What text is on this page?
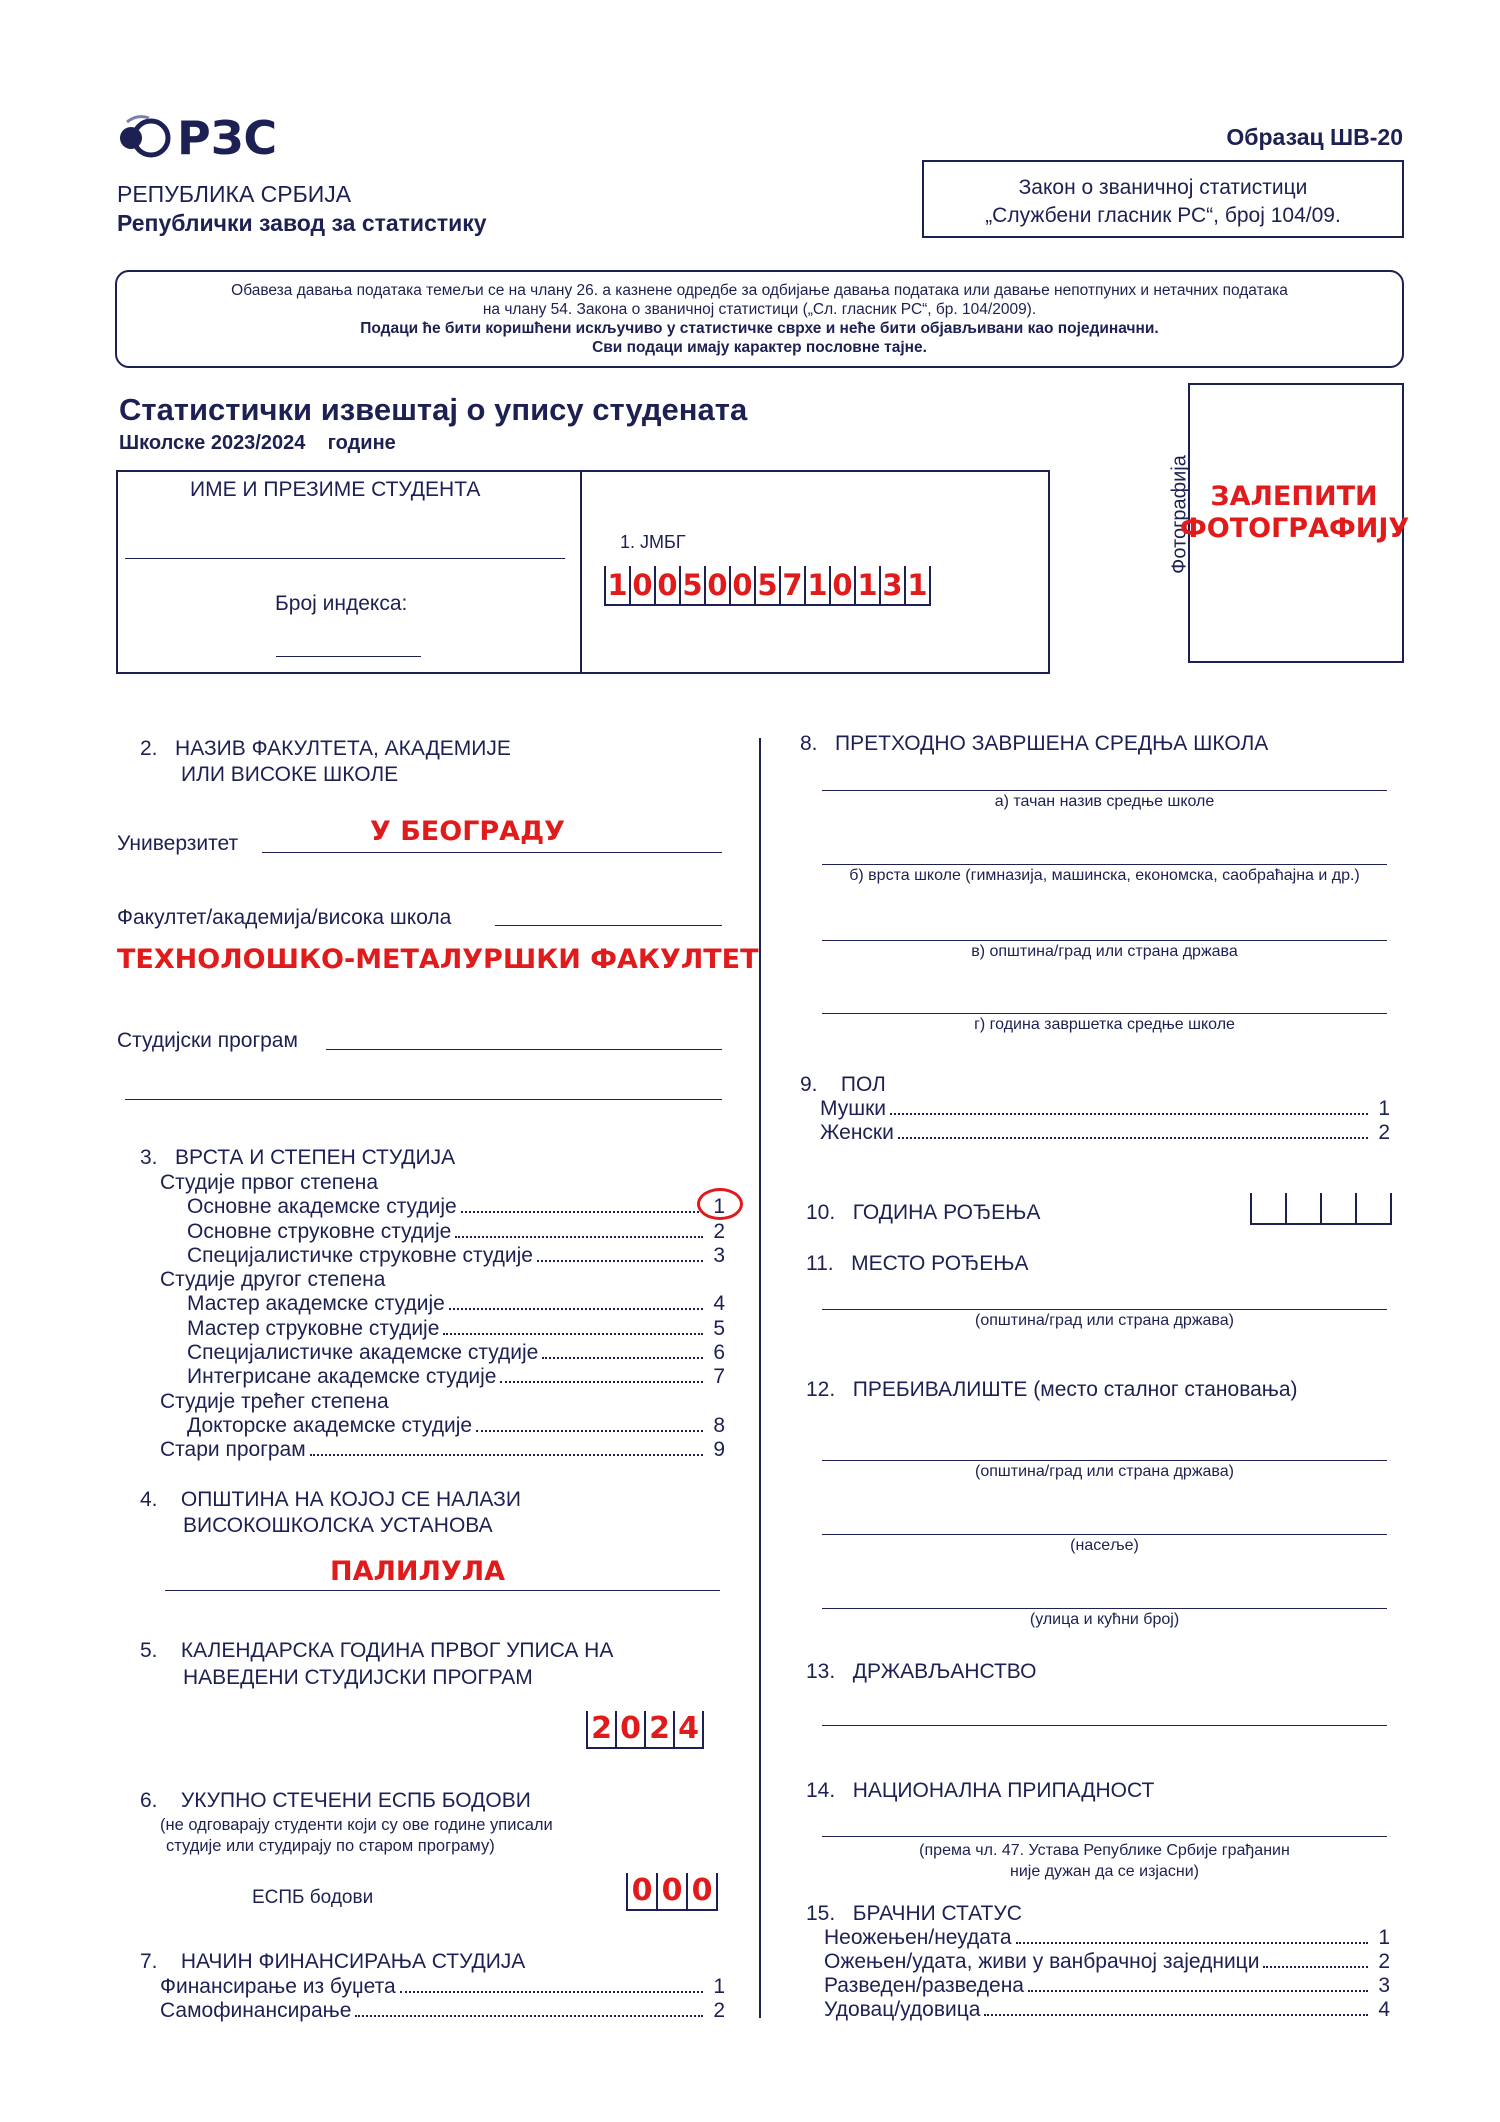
РЗС	Образац ШВ-20
РЕПУБЛИКА СРБИЈА
Републички завод за статистику
Закон о званичној статистици
„Службени гласник РС“, број 104/09.
Обавеза давања података темељи се на члану 26. а казнене одредбе за одбијање давања података или давање непотпуних и нетачних података
на члану 54. Закона о званичној статистици („Сл. гласник РС“, бр. 104/2009).
Подаци ће бити коришћени искључиво у статистичке сврхе и неће бити објављивани као појединачни.
Сви подаци имају карактер пословне тајне.
Статистички извештај о упису студената
Школске 2023/2024 године
ИМЕ И ПРЕЗИМЕ СТУДЕНТА
Број индекса:
1. ЈМБГ
1 0 0 5 0 0 5 7 1 0 1 3 1
Фотографија ЗАЛЕПИТИ
ФОТОГРАФИЈУ
2. НАЗИВ ФАКУЛТЕТА, АКАДЕМИЈЕ
ИЛИ ВИСОКЕ ШКОЛЕ
У БЕОГРАДУ
Универзитет
Факултет/академија/висока школа
ТЕХНОЛОШКО-МЕТАЛУРШКИ ФАКУЛТЕТ
Студијски програм
3. ВРСТА И СТЕПЕН СТУДИЈА
Студије првог степена
Основне академске студије	1
Основне струковне студије	2
Специјалистичке струковне студије	3
Студије другог степена
Мастер академске студије	4
Мастер струковне студије	5
Специјалистичке академске студије	6
Интегрисане академске студије	7
Студије трећег степена
Докторске академске студије	8
Стари програм	9
4. ОПШТИНА НА КОЈОЈ СЕ НАЛАЗИ
ВИСОКОШКОЛСКА УСТАНОВА
ПАЛИЛУЛА
5. КАЛЕНДАРСКА ГОДИНА ПРВОГ УПИСА НА
НАВЕДЕНИ СТУДИЈСКИ ПРОГРАМ
2 0 2 4
6. УКУПНО СТЕЧЕНИ ЕСПБ БОДОВИ
(не одговарају студенти који су ове године уписали
студије или студирају по старом програму)
ЕСПБ бодови	0 0 0
7. НАЧИН ФИНАНСИРАЊА СТУДИЈА
Финансирање из буџета	1
Самофинансирање	2
8. ПРЕТХОДНО ЗАВРШЕНА СРЕДЊА ШКОЛА
а) тачан назив средње школе
б) врста школе (гимназија, машинска, економска, саобраћајна и др.)
в) општина/град или страна држава
г) година завршетка средње школе
9. ПОЛ
Мушки	1
Женски	2
10. ГОДИНА РОЂЕЊА
11. МЕСТО РОЂЕЊА
(општина/град или страна држава)
12. ПРЕБИВАЛИШТЕ (место сталног становања)
(општина/град или страна држава)
(насеље)
(улица и кућни број)
13. ДРЖАВЉАНСТВО
14. НАЦИОНАЛНА ПРИПАДНОСТ
(према чл. 47. Устава Републике Србије грађанин
није дужан да се изјасни)
15. БРАЧНИ СТАТУС
Неожењен/неудата	1
Ожењен/удата, живи у ванбрачној заједници	2
Разведен/разведена	3
Удовац/удовица	4
